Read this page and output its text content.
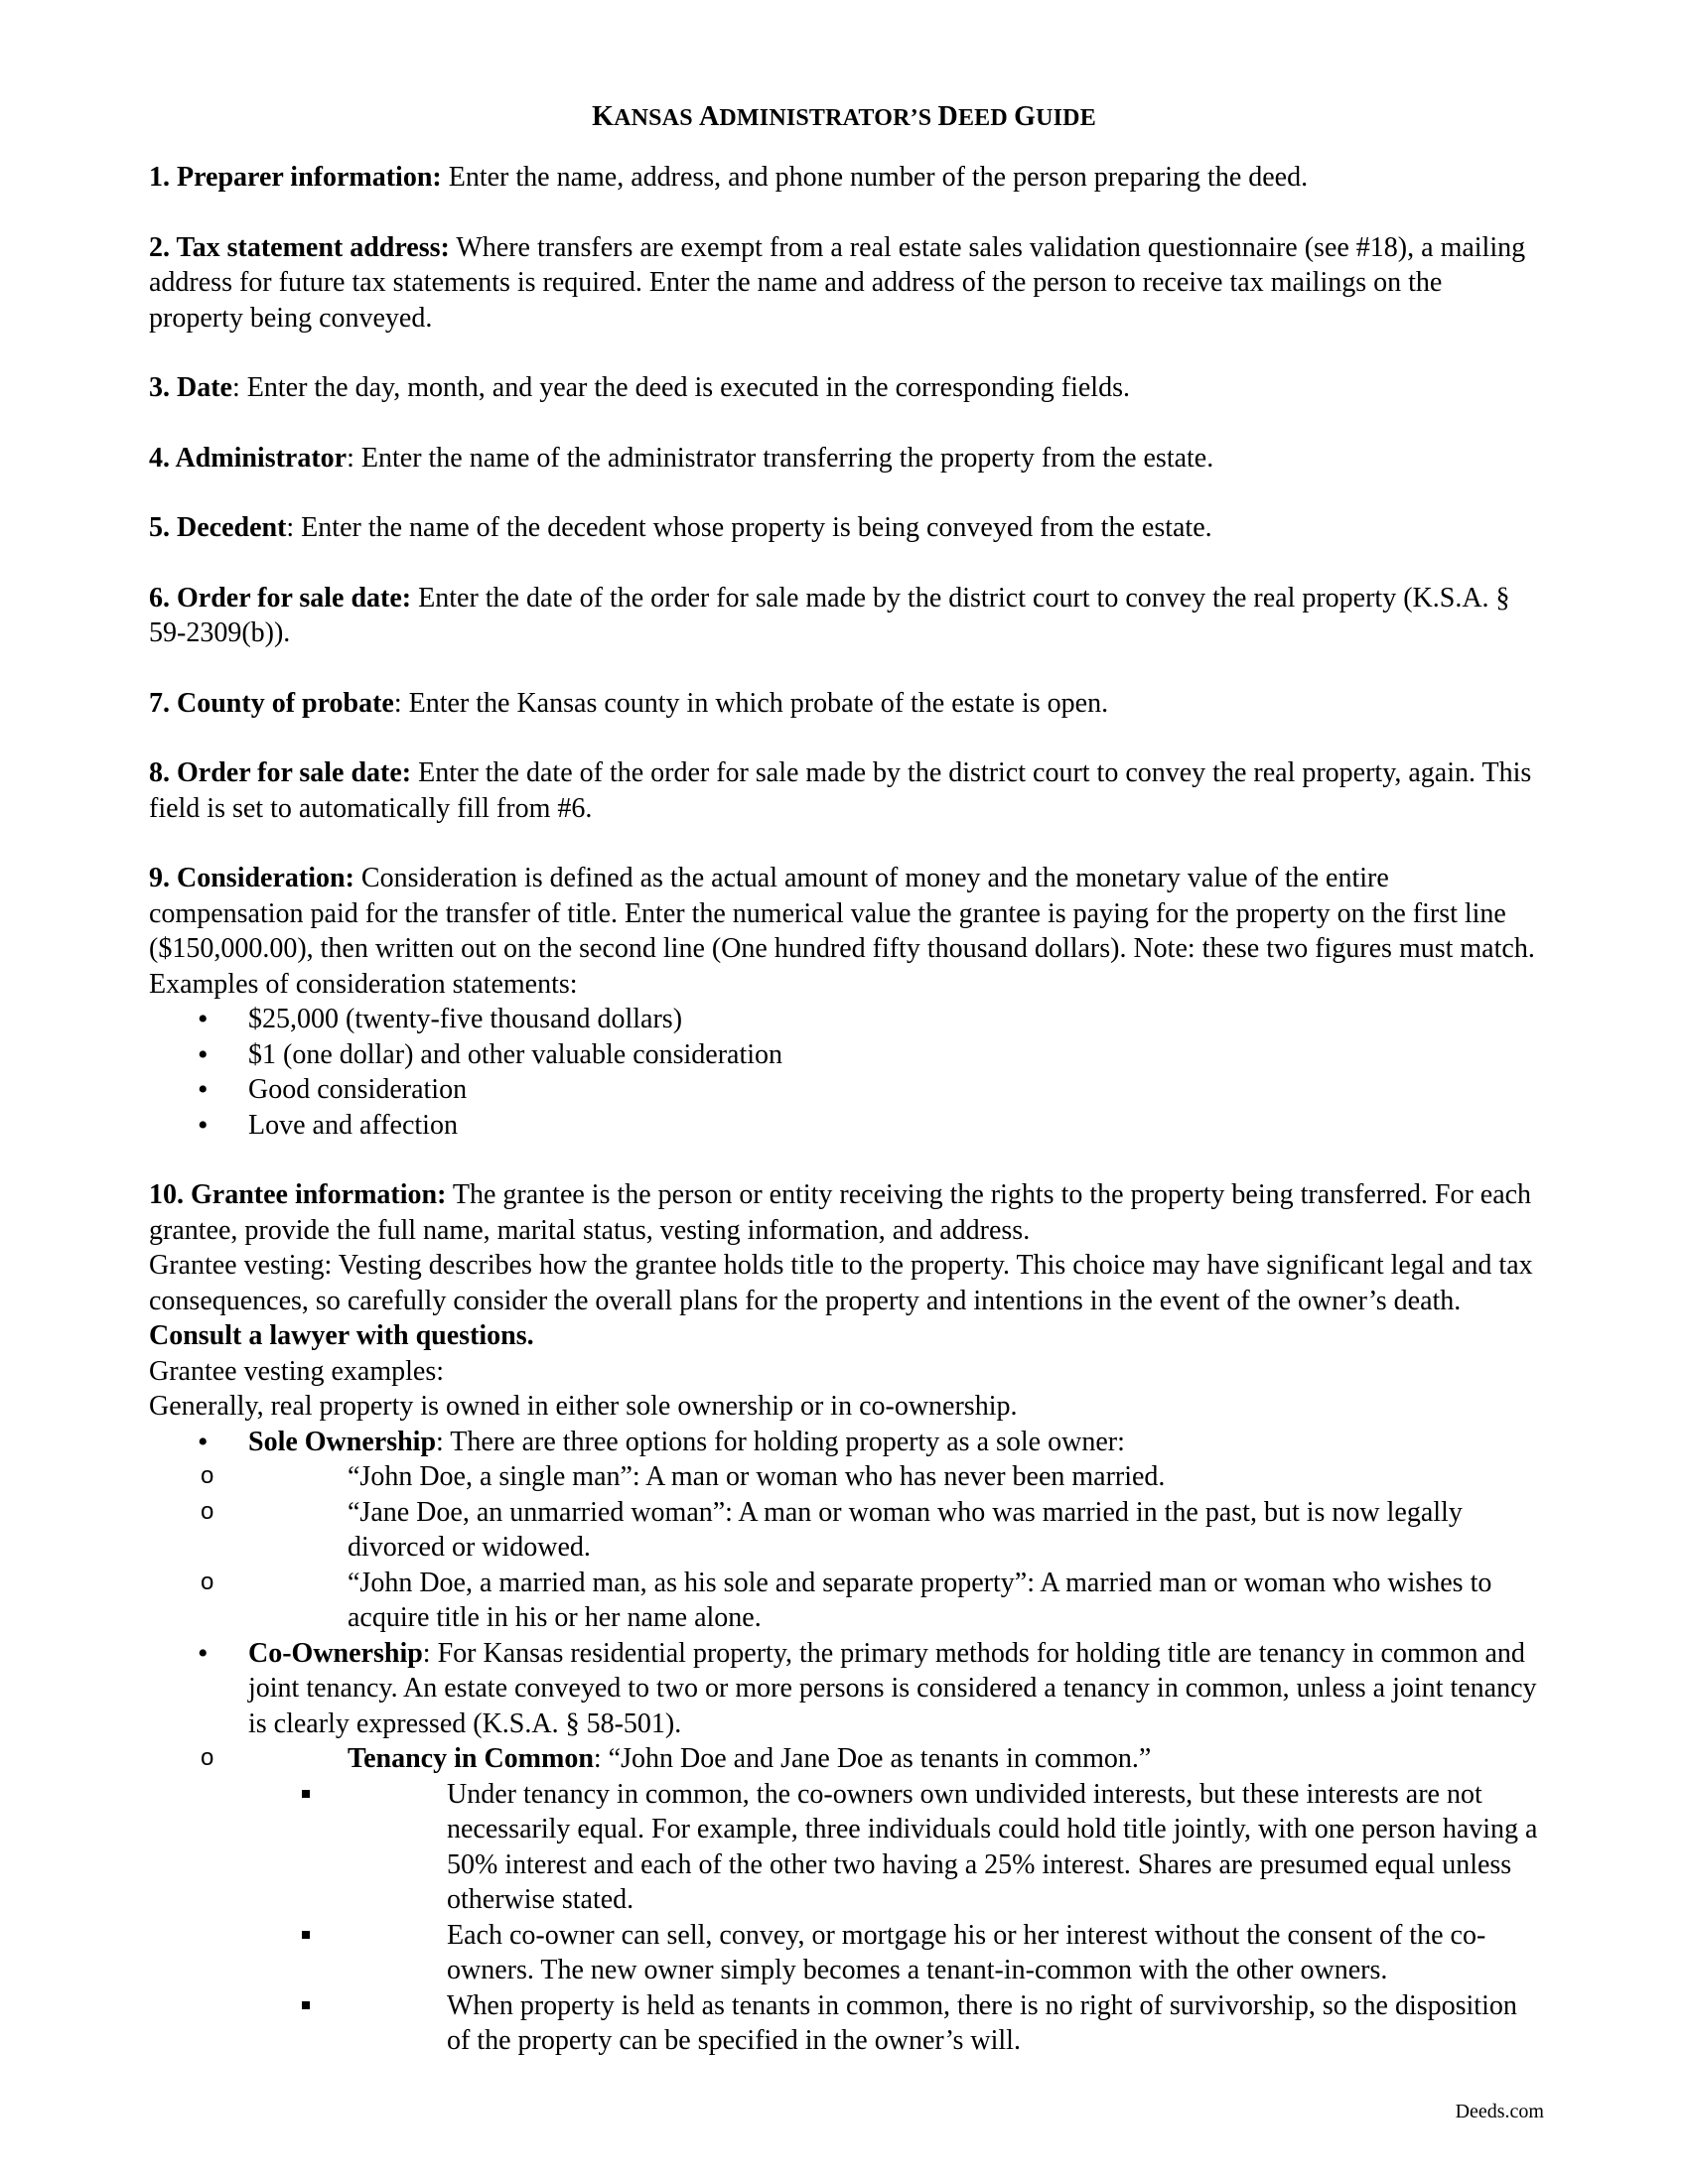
KANSAS ADMINISTRATOR’S DEED GUIDE

1. Preparer information: Enter the name, address, and phone number of the person preparing the deed.

2. Tax statement address: Where transfers are exempt from a real estate sales validation questionnaire (see #18), a mailing address for future tax statements is required. Enter the name and address of the person to receive tax mailings on the property being conveyed.

3. Date: Enter the day, month, and year the deed is executed in the corresponding fields.

4. Administrator: Enter the name of the administrator transferring the property from the estate.

5. Decedent: Enter the name of the decedent whose property is being conveyed from the estate.

6. Order for sale date: Enter the date of the order for sale made by the district court to convey the real property (K.S.A. § 59-2309(b)).

7. County of probate: Enter the Kansas county in which probate of the estate is open.

8. Order for sale date: Enter the date of the order for sale made by the district court to convey the real property, again. This field is set to automatically fill from #6.

9. Consideration: Consideration is defined as the actual amount of money and the monetary value of the entire compensation paid for the transfer of title. Enter the numerical value the grantee is paying for the property on the first line ($150,000.00), then written out on the second line (One hundred fifty thousand dollars). Note: these two figures must match. Examples of consideration statements:

• $25,000 (twenty-five thousand dollars)
• $1 (one dollar) and other valuable consideration
• Good consideration
• Love and affection

10. Grantee information: The grantee is the person or entity receiving the rights to the property being transferred. For each grantee, provide the full name, marital status, vesting information, and address.

Grantee vesting: Vesting describes how the grantee holds title to the property. This choice may have significant legal and tax consequences, so carefully consider the overall plans for the property and intentions in the event of the owner’s death. Consult a lawyer with questions.

Grantee vesting examples:

Generally, real property is owned in either sole ownership or in co-ownership.

• Sole Ownership: There are three options for holding property as a sole owner:
o “John Doe, a single man”: A man or woman who has never been married.
o “Jane Doe, an unmarried woman”: A man or woman who was married in the past, but is now legally divorced or widowed.
o “John Doe, a married man, as his sole and separate property”: A married man or woman who wishes to acquire title in his or her name alone.
• Co-Ownership: For Kansas residential property, the primary methods for holding title are tenancy in common and joint tenancy. An estate conveyed to two or more persons is considered a tenancy in common, unless a joint tenancy is clearly expressed (K.S.A. § 58-501).
o Tenancy in Common: “John Doe and Jane Doe as tenants in common.”
Under tenancy in common, the co-owners own undivided interests, but these interests are not necessarily equal. For example, three individuals could hold title jointly, with one person having a 50% interest and each of the other two having a 25% interest. Shares are presumed equal unless otherwise stated.
Each co-owner can sell, convey, or mortgage his or her interest without the consent of the co-owners. The new owner simply becomes a tenant-in-common with the other owners.
When property is held as tenants in common, there is no right of survivorship, so the disposition of the property can be specified in the owner’s will.
Deeds.com
